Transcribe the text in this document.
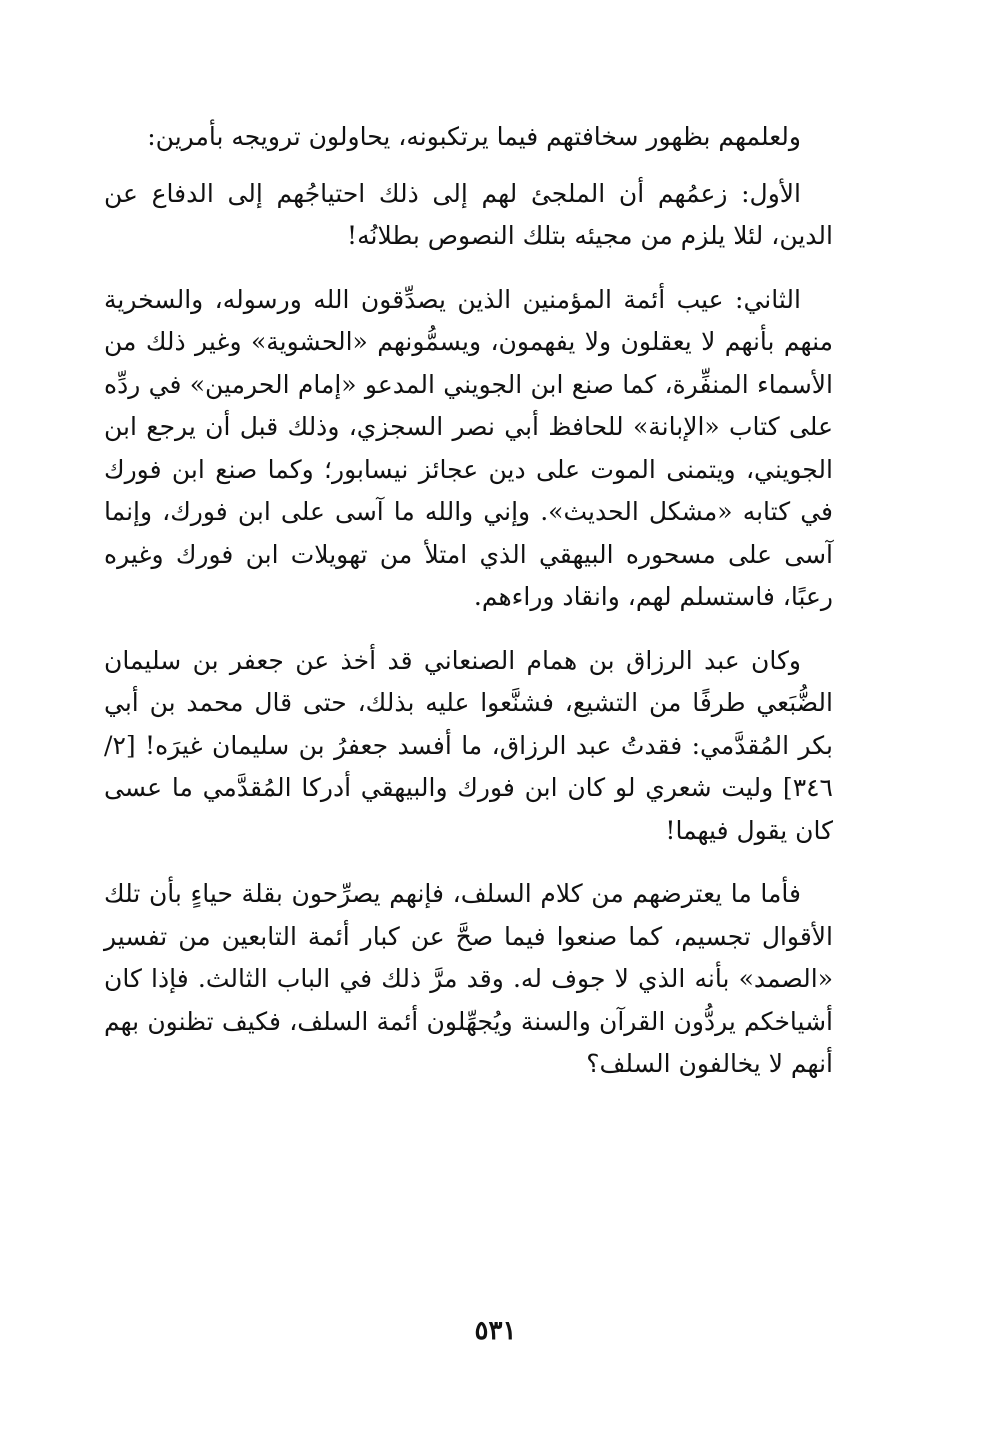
ولعلمهم بظهور سخافتهم فيما يرتكبونه، يحاولون ترويجه بأمرين:

الأول: زعمُهم أن الملجئ لهم إلى ذلك احتياجُهم إلى الدفاع عن الدين، لئلا يلزم من مجيئه بتلك النصوص بطلانُه!

الثاني: عيب أئمة المؤمنين الذين يصدِّقون الله ورسوله، والسخرية منهم بأنهم لا يعقلون ولا يفهمون، ويسمُّونهم «الحشوية» وغير ذلك من الأسماء المنفِّرة، كما صنع ابن الجويني المدعو «إمام الحرمين» في ردِّه على كتاب «الإبانة» للحافظ أبي نصر السجزي، وذلك قبل أن يرجع ابن الجويني، ويتمنى الموت على دين عجائز نيسابور؛ وكما صنع ابن فورك في كتابه «مشكل الحديث». وإني والله ما آسى على ابن فورك، وإنما آسى على مسحوره البيهقي الذي امتلأ من تهويلات ابن فورك وغيره رعبًا، فاستسلم لهم، وانقاد وراءهم.

وكان عبد الرزاق بن همام الصنعاني قد أخذ عن جعفر بن سليمان الضُّبَعي طرفًا من التشيع، فشنَّعوا عليه بذلك، حتى قال محمد بن أبي بكر المُقدَّمي: فقدتُ عبد الرزاق، ما أفسد جعفرُ بن سليمان غيرَه! [٢/ ٣٤٦] وليت شعري لو كان ابن فورك والبيهقي أدركا المُقدَّمي ما عسى كان يقول فيهما!

فأما ما يعترضهم من كلام السلف، فإنهم يصرِّحون بقلة حياءٍ بأن تلك الأقوال تجسيم، كما صنعوا فيما صحَّ عن كبار أئمة التابعين من تفسير «الصمد» بأنه الذي لا جوف له. وقد مرَّ ذلك في الباب الثالث. فإذا كان أشياخكم يردُّون القرآن والسنة ويُجهِّلون أئمة السلف، فكيف تظنون بهم أنهم لا يخالفون السلف؟

٥٣١
